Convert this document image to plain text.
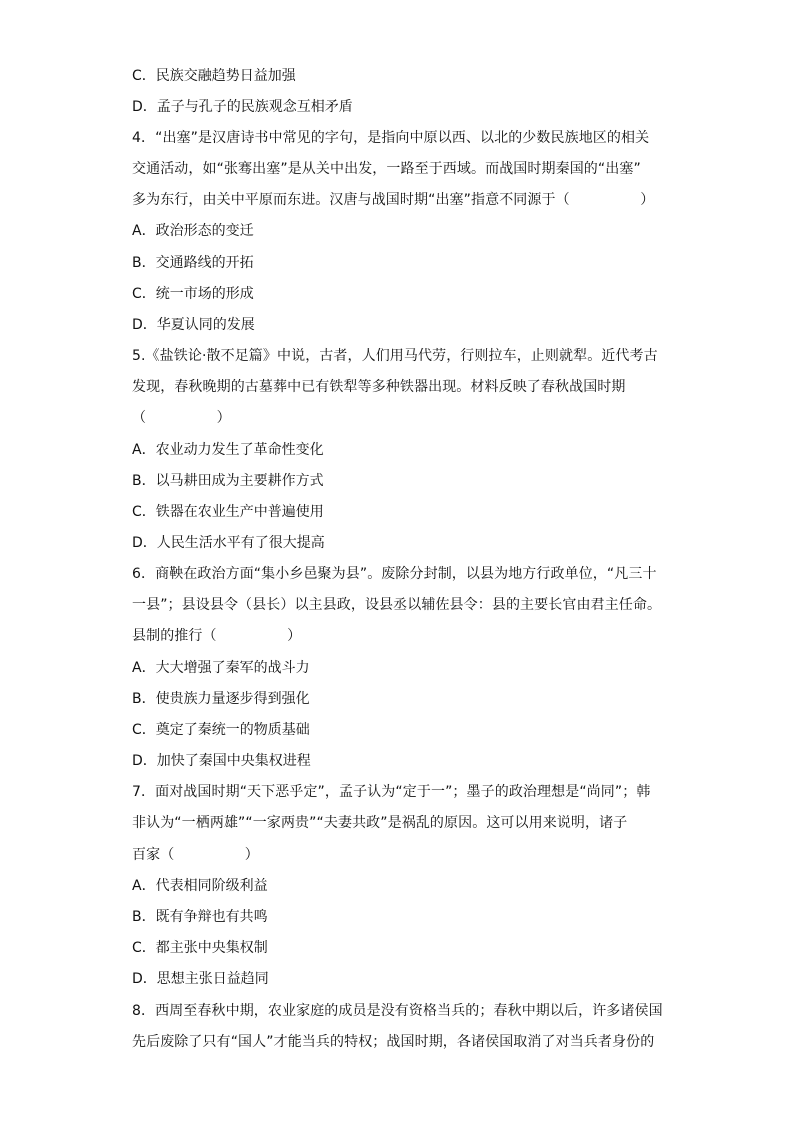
C．民族交融趋势日益加强
D．孟子与孔子的民族观念互相矛盾
4．“出塞”是汉唐诗书中常见的字句，是指向中原以西、以北的少数民族地区的相关
交通活动，如“张骞出塞”是从关中出发，一路至于西域。而战国时期秦国的“出塞”
多为东行，由关中平原而东进。汉唐与战国时期“出塞”指意不同源于（　　　　　）
A．政治形态的变迁
B．交通路线的开拓
C．统一市场的形成
D．华夏认同的发展
5.《盐铁论·散不足篇》中说，古者，人们用马代劳，行则拉车，止则就犁。近代考古
发现，春秋晚期的古墓葬中已有铁犁等多种铁器出现。材料反映了春秋战国时期
（　　　　　）
A．农业动力发生了革命性变化
B．以马耕田成为主要耕作方式
C．铁器在农业生产中普遍使用
D．人民生活水平有了很大提高
6．商鞅在政治方面“集小乡邑聚为县”。废除分封制，以县为地方行政单位，“凡三十
一县”；县设县令（县长）以主县政，设县丞以辅佐县令：县的主要长官由君主任命。
县制的推行（　　　　　）
A．大大增强了秦军的战斗力
B．使贵族力量逐步得到强化
C．奠定了秦统一的物质基础
D．加快了秦国中央集权进程
7．面对战国时期“天下恶乎定”，孟子认为“定于一”；墨子的政治理想是“尚同”；韩
非认为“一栖两雄”“一家两贵”“夫妻共政”是祸乱的原因。这可以用来说明，诸子
百家（　　　　　）
A．代表相同阶级利益
B．既有争辩也有共鸣
C．都主张中央集权制
D．思想主张日益趋同
8．西周至春秋中期，农业家庭的成员是没有资格当兵的；春秋中期以后，许多诸侯国
先后废除了只有“国人”才能当兵的特权；战国时期，各诸侯国取消了对当兵者身份的
